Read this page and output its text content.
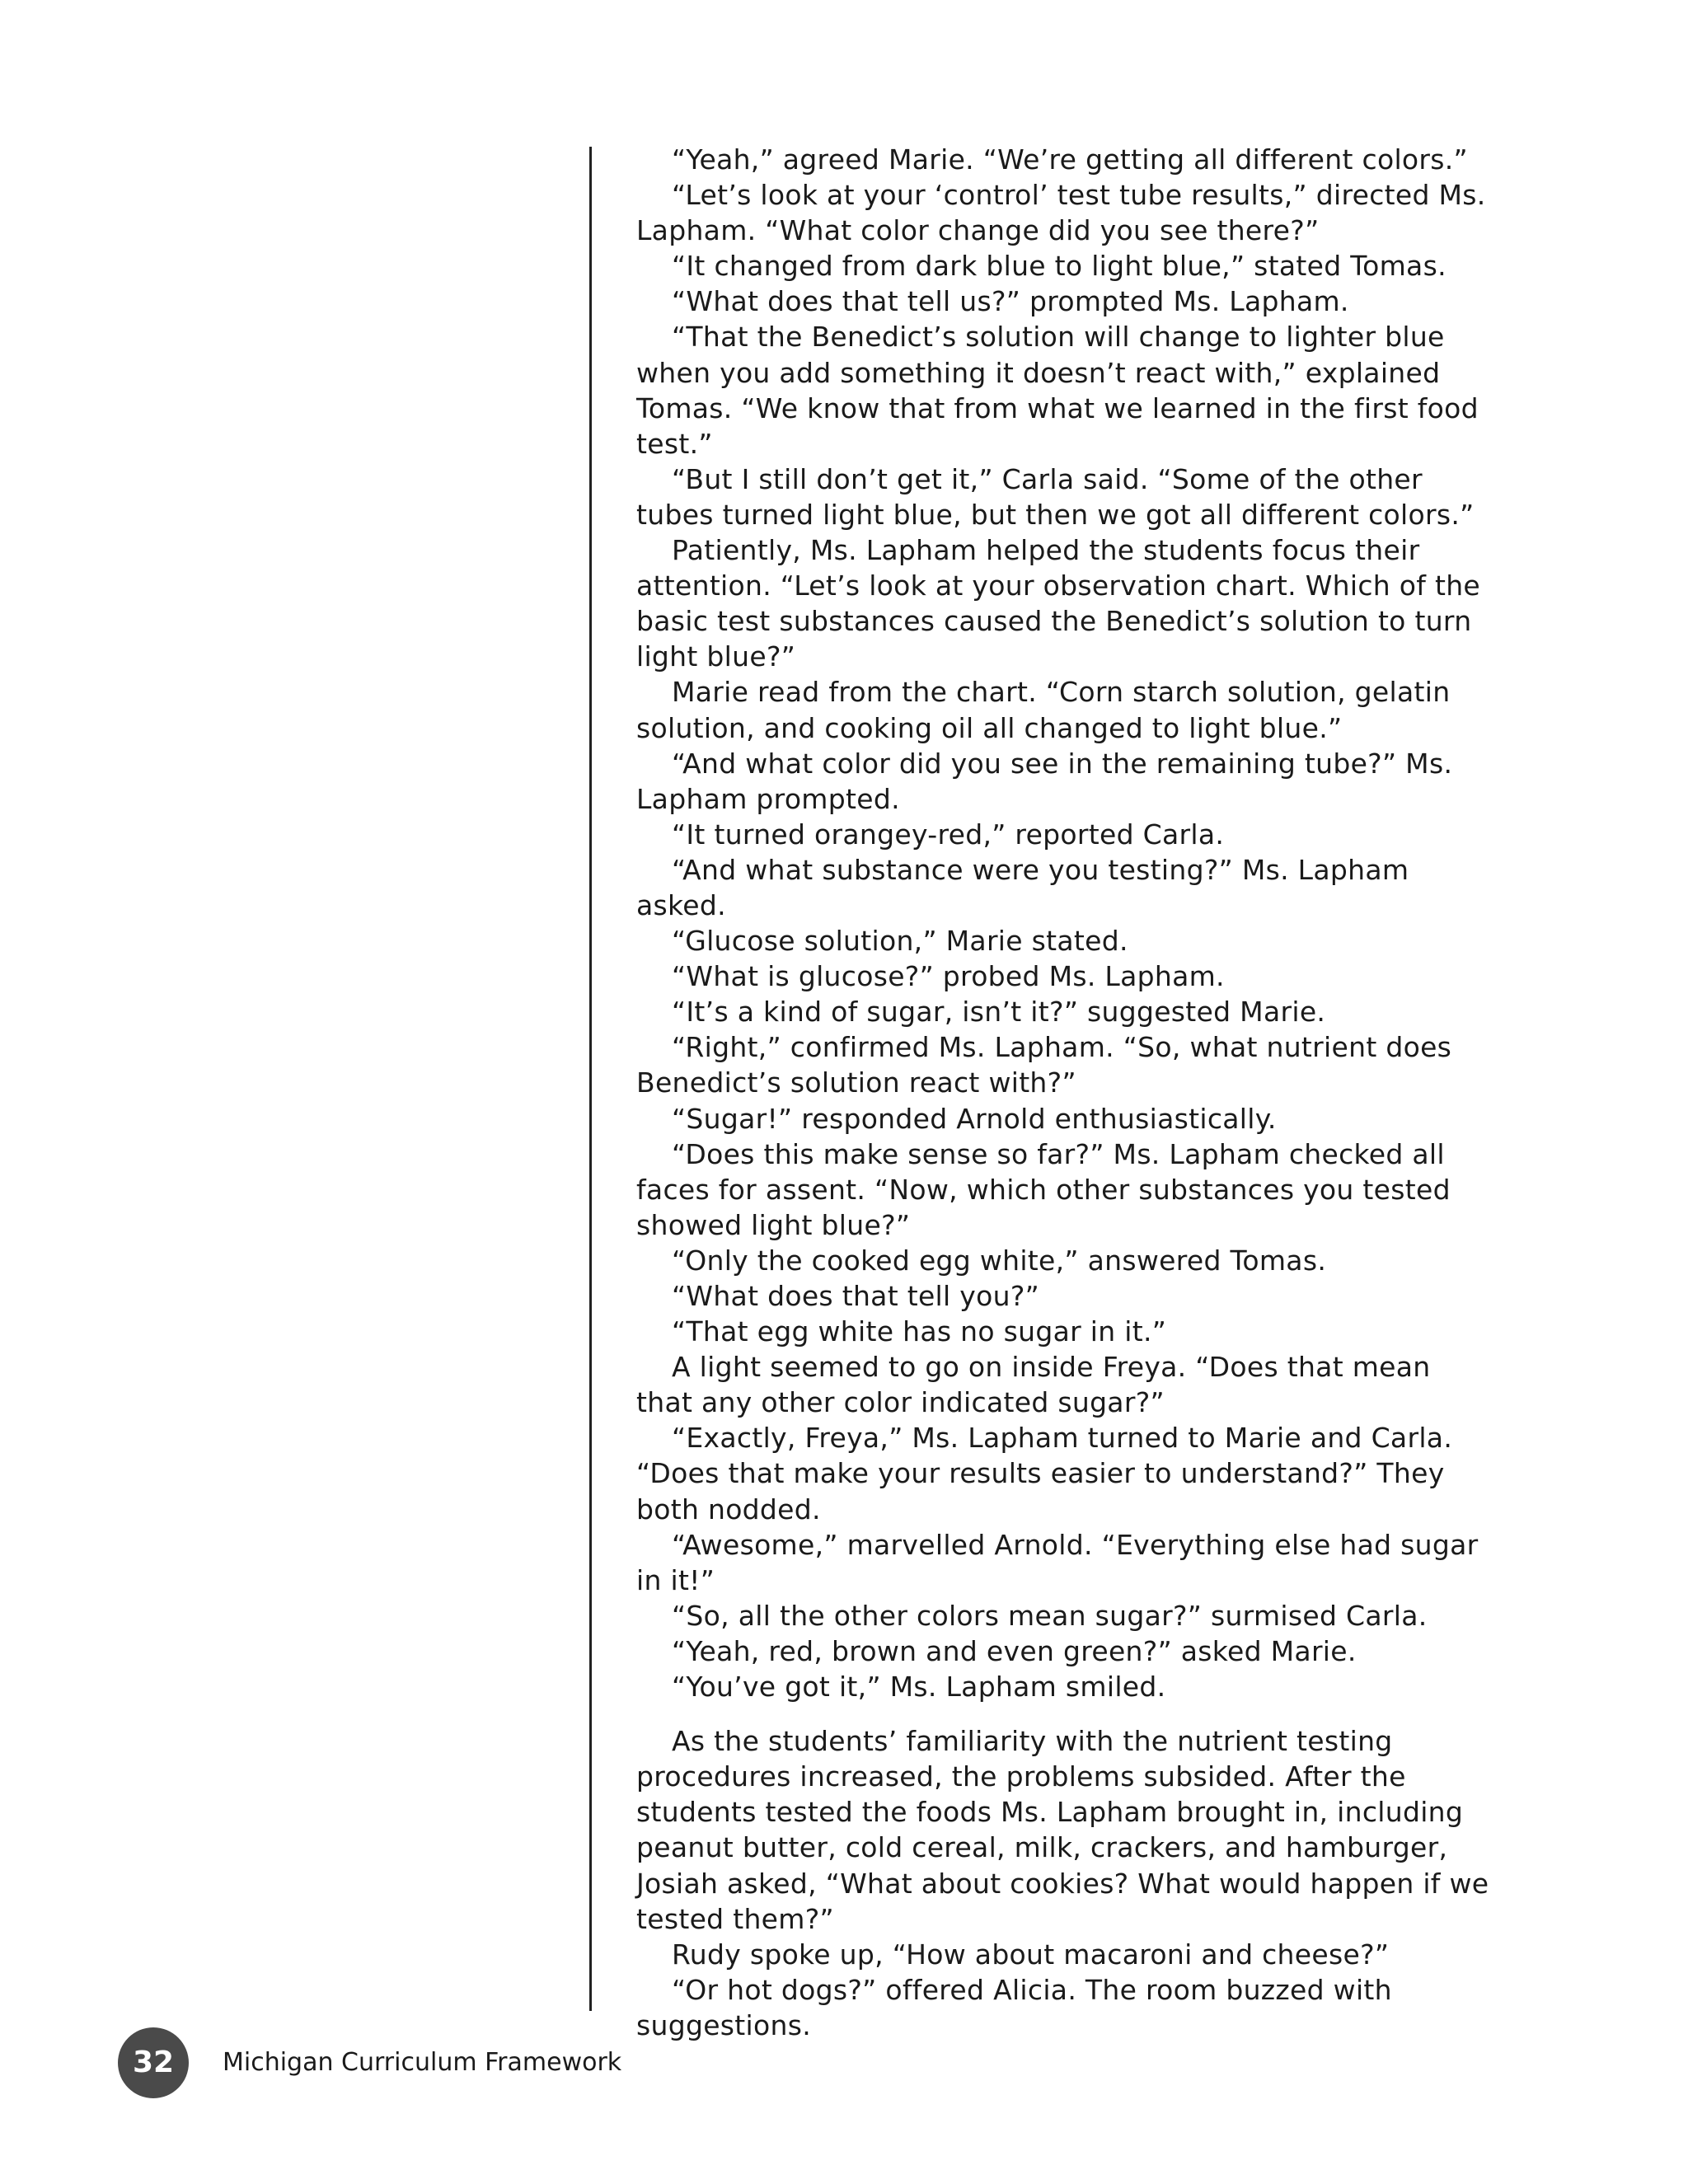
“Yeah,” agreed Marie. “We’re getting all different colors.”

“Let’s look at your ‘control’ test tube results,” directed Ms. Lapham. “What color change did you see there?”

“It changed from dark blue to light blue,” stated Tomas.

“What does that tell us?” prompted Ms. Lapham.

“That the Benedict’s solution will change to lighter blue when you add something it doesn’t react with,” explained Tomas. “We know that from what we learned in the first food test.”

“But I still don’t get it,” Carla said. “Some of the other tubes turned light blue, but then we got all different colors.”

Patiently, Ms. Lapham helped the students focus their attention. “Let’s look at your observation chart. Which of the basic test substances caused the Benedict’s solution to turn light blue?”

Marie read from the chart. “Corn starch solution, gelatin solution, and cooking oil all changed to light blue.”

“And what color did you see in the remaining tube?” Ms. Lapham prompted.

“It turned orangey-red,” reported Carla.

“And what substance were you testing?” Ms. Lapham asked.

“Glucose solution,” Marie stated.

“What is glucose?” probed Ms. Lapham.

“It’s a kind of sugar, isn’t it?” suggested Marie.

“Right,” confirmed Ms. Lapham. “So, what nutrient does Benedict’s solution react with?”

“Sugar!” responded Arnold enthusiastically.

“Does this make sense so far?” Ms. Lapham checked all faces for assent. “Now, which other substances you tested showed light blue?”

“Only the cooked egg white,” answered Tomas.

“What does that tell you?”

“That egg white has no sugar in it.”

A light seemed to go on inside Freya. “Does that mean that any other color indicated sugar?”

“Exactly, Freya,” Ms. Lapham turned to Marie and Carla.

“Does that make your results easier to understand?” They both nodded.

“Awesome,” marvelled Arnold. “Everything else had sugar in it!”

“So, all the other colors mean sugar?” surmised Carla.

“Yeah, red, brown and even green?” asked Marie.

“You’ve got it,” Ms. Lapham smiled.

As the students’ familiarity with the nutrient testing procedures increased, the problems subsided. After the students tested the foods Ms. Lapham brought in, including peanut butter, cold cereal, milk, crackers, and hamburger, Josiah asked, “What about cookies? What would happen if we tested them?”

Rudy spoke up, “How about macaroni and cheese?”

“Or hot dogs?” offered Alicia. The room buzzed with suggestions.

32	Michigan Curriculum Framework
